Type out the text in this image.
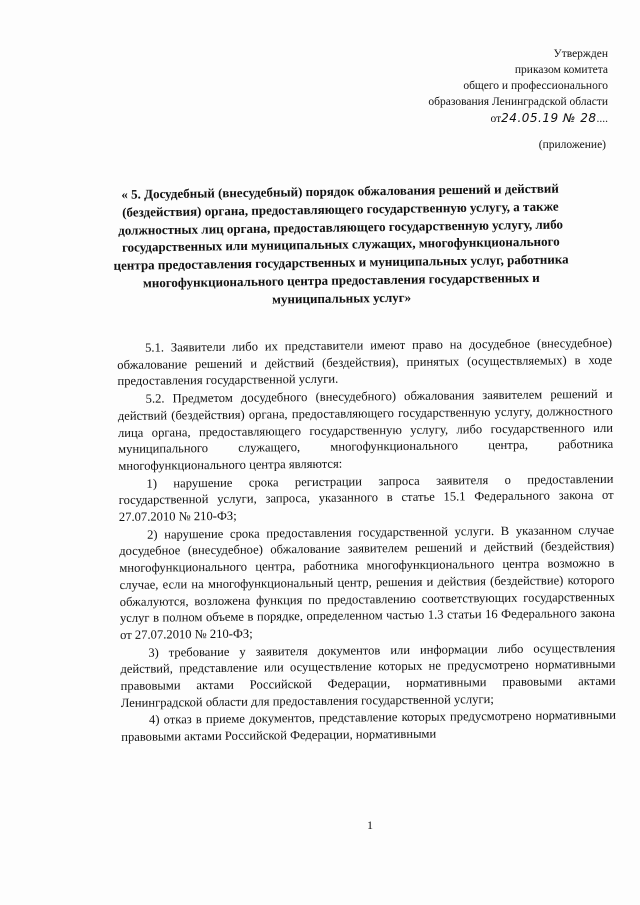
Утвержден
приказом комитета
общего и профессионального
образования Ленинградской области
от24.05.19 № 28....
(приложение)
« 5. Досудебный (внесудебный) порядок обжалования решений и действий (бездействия) органа, предоставляющего государственную услугу, а также должностных лиц органа, предоставляющего государственную услугу, либо государственных или муниципальных служащих, многофункционального центра предоставления государственных и муниципальных услуг, работника многофункционального центра предоставления государственных и муниципальных услуг»

5.1. Заявители либо их представители имеют право на досудебное (внесудебное) обжалование решений и действий (бездействия), принятых (осуществляемых) в ходе предоставления государственной услуги.

5.2. Предметом досудебного (внесудебного) обжалования заявителем решений и действий (бездействия) органа, предоставляющего государственную услугу, должностного лица органа, предоставляющего государственную услугу, либо государственного или муниципального служащего, многофункционального центра, работника многофункционального центра являются:

1) нарушение срока регистрации запроса заявителя о предоставлении государственной услуги, запроса, указанного в статье 15.1 Федерального закона от 27.07.2010 № 210-ФЗ;

2) нарушение срока предоставления государственной услуги. В указанном случае досудебное (внесудебное) обжалование заявителем решений и действий (бездействия) многофункционального центра, работника многофункционального центра возможно в случае, если на многофункциональный центр, решения и действия (бездействие) которого обжалуются, возложена функция по предоставлению соответствующих государственных услуг в полном объеме в порядке, определенном частью 1.3 статьи 16 Федерального закона от 27.07.2010 № 210-ФЗ;

3) требование у заявителя документов или информации либо осуществления действий, представление или осуществление которых не предусмотрено нормативными правовыми актами Российской Федерации, нормативными правовыми актами Ленинградской области для предоставления государственной услуги;

4) отказ в приеме документов, представление которых предусмотрено нормативными правовыми актами Российской Федерации, нормативными

1
